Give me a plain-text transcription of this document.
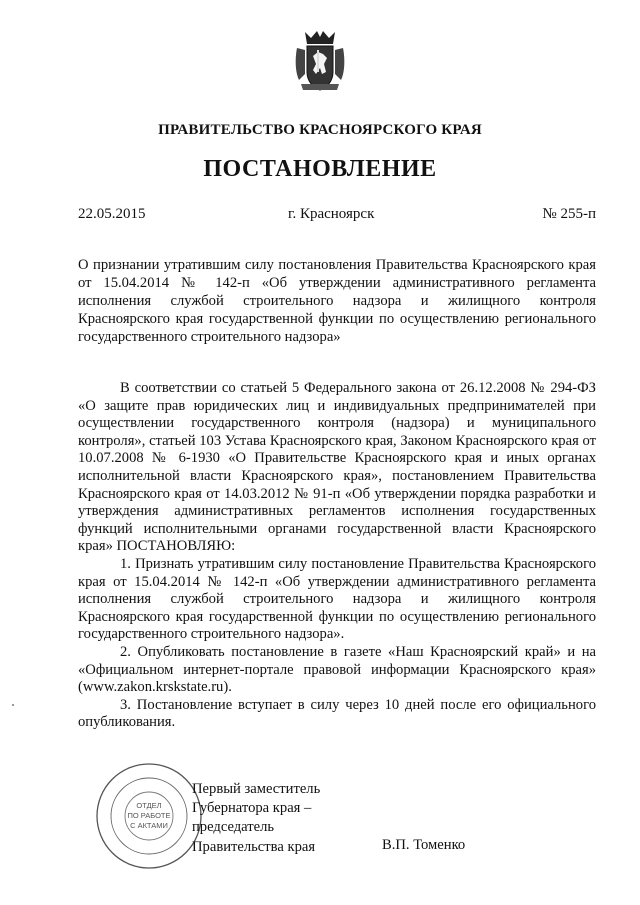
ПРАВИТЕЛЬСТВО КРАСНОЯРСКОГО КРАЯ
ПОСТАНОВЛЕНИЕ
22.05.2015	г. Красноярск	№ 255-п
О признании утратившим силу постановления Правительства Красноярского края от 15.04.2014 № 142-п «Об утверждении административного регламента исполнения службой строительного надзора и жилищного контроля Красноярского края государственной функции по осуществлению регионального государственного строительного надзора»

В соответствии со статьей 5 Федерального закона от 26.12.2008 № 294-ФЗ «О защите прав юридических лиц и индивидуальных предпринимателей при осуществлении государственного контроля (надзора) и муниципального контроля», статьей 103 Устава Красноярского края, Законом Красноярского края от 10.07.2008 № 6-1930 «О Правительстве Красноярского края и иных органах исполнительной власти Красноярского края», постановлением Правительства Красноярского края от 14.03.2012 № 91-п «Об утверждении порядка разработки и утверждения административных регламентов исполнения государственных функций исполнительными органами государственной власти Красноярского края» ПОСТАНОВЛЯЮ:

1. Признать утратившим силу постановление Правительства Красноярского края от 15.04.2014 № 142-п «Об утверждении административного регламента исполнения службой строительного надзора и жилищного контроля Красноярского края государственной функции по осуществлению регионального государственного строительного надзора».

2. Опубликовать постановление в газете «Наш Красноярский край» и на «Официальном интернет-портале правовой информации Красноярского края» (www.zakon.krskstate.ru).

3. Постановление вступает в силу через 10 дней после его официального опубликования.

ОТДЕЛ
ПО РАБОТЕ
С АКТАМИ
Первый заместитель
Губернатора края –
председатель
Правительства края	В.П. Томенко
